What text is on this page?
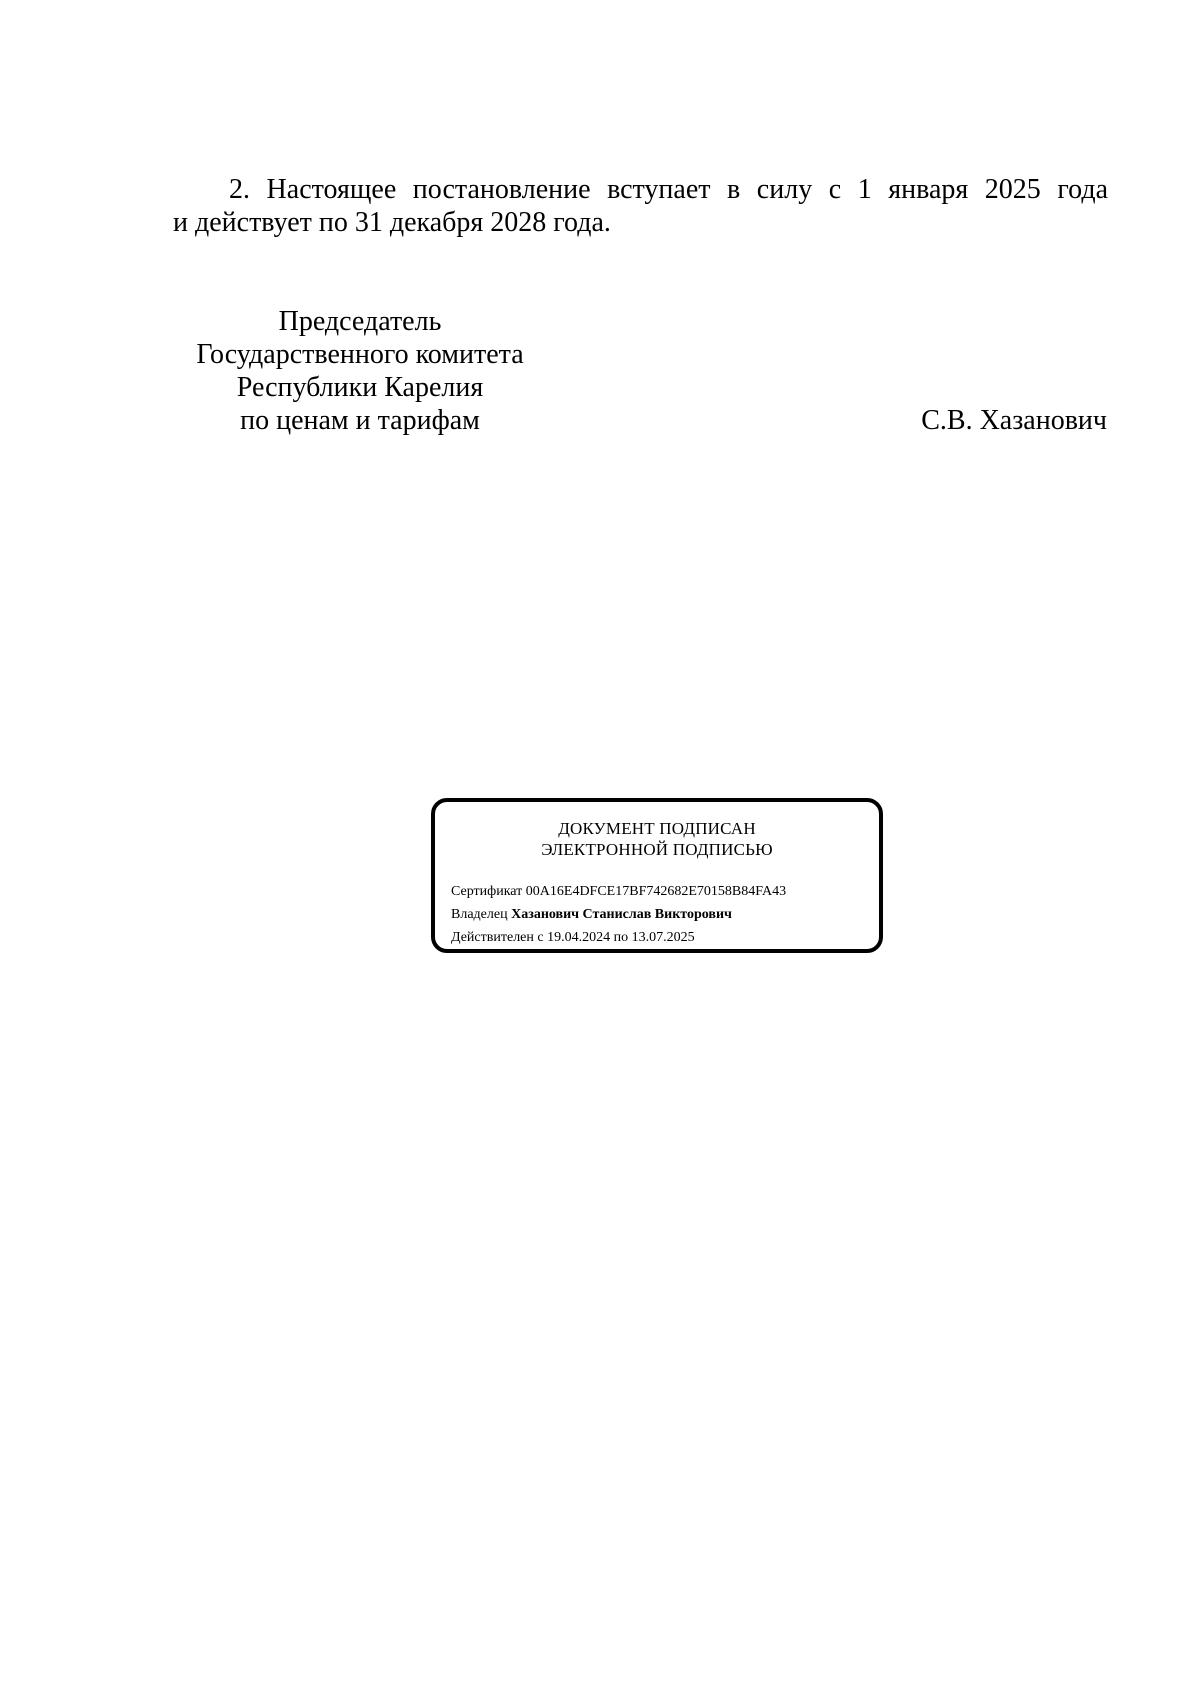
2. Настоящее постановление вступает в силу с 1 января 2025 года
и действует по 31 декабря 2028 года.
Председатель
Государственного комитета
Республики Карелия
по ценам и тарифам	С.В. Хазанович
ДОКУМЕНТ ПОДПИСАН
ЭЛЕКТРОННОЙ ПОДПИСЬЮ
Сертификат 00A16E4DFCE17BF742682E70158B84FA43
Владелец Хазанович Станислав Викторович
Действителен с 19.04.2024 по 13.07.2025
